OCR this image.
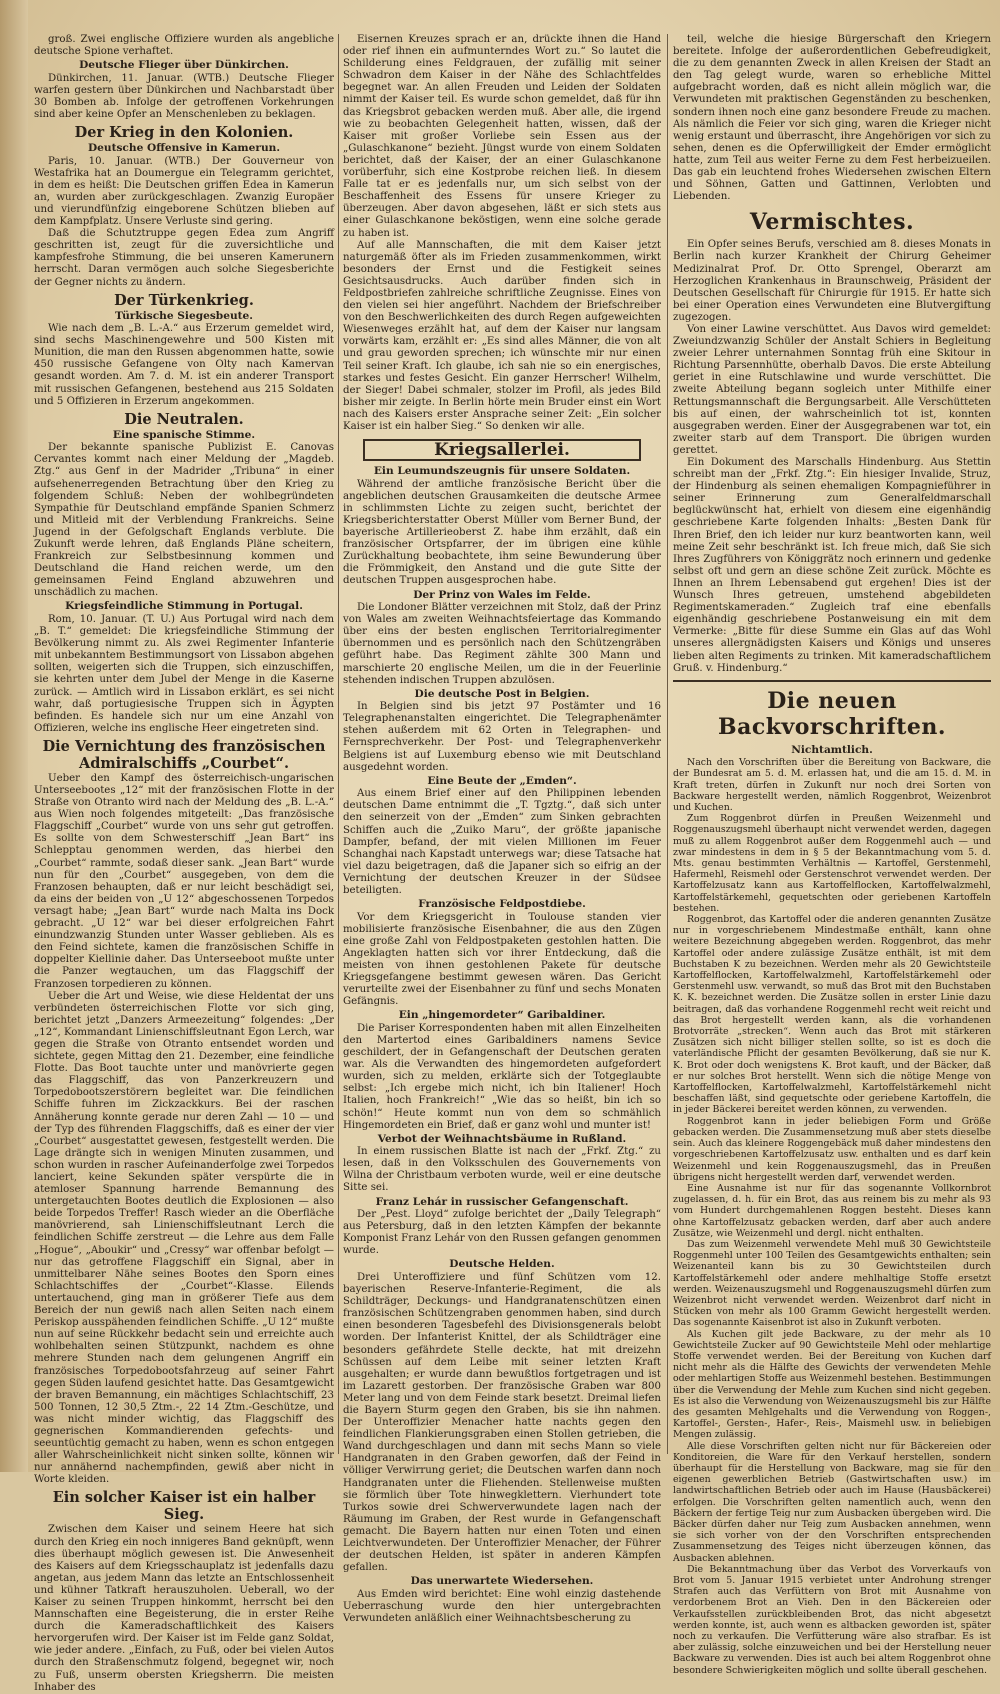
groß. Zwei englische Offiziere wurden als angebliche deutsche Spione verhaftet.

Deutsche Flieger über Dünkirchen.

Dünkirchen, 11. Januar. (WTB.) Deutsche Flieger warfen gestern über Dünkirchen und Nachbarstadt über 30 Bomben ab. Infolge der getroffenen Vorkehrungen sind aber keine Opfer an Menschenleben zu beklagen.

Der Krieg in den Kolonien.
Deutsche Offensive in Kamerun.

Paris, 10. Januar. (WTB.) Der Gouverneur von Westafrika hat an Doumergue ein Telegramm gerichtet, in dem es heißt: Die Deutschen griffen Edea in Kamerun an, wurden aber zurückgeschlagen. Zwanzig Europäer und vierundfünfzig eingeborene Schützen blieben auf dem Kampfplatz. Unsere Verluste sind gering.

Daß die Schutztruppe gegen Edea zum Angriff geschritten ist, zeugt für die zuversichtliche und kampfesfrohe Stimmung, die bei unseren Kamerunern herrscht. Daran vermögen auch solche Siegesberichte der Gegner nichts zu ändern.

Der Türkenkrieg.
Türkische Siegesbeute.

Wie nach dem „B. L.-A.“ aus Erzerum gemeldet wird, sind sechs Maschinengewehre und 500 Kisten mit Munition, die man den Russen abgenommen hatte, sowie 450 russische Gefangene von Olty nach Kamervan gesandt worden. Am 7. d. M. ist ein anderer Transport mit russischen Gefangenen, bestehend aus 215 Soldaten und 5 Offizieren in Erzerum angekommen.

Die Neutralen.
Eine spanische Stimme.

Der bekannte spanische Publizist E. Canovas Cervantes kommt nach einer Meldung der „Magdeb. Ztg.“ aus Genf in der Madrider „Tribuna“ in einer aufsehenerregenden Betrachtung über den Krieg zu folgendem Schluß: Neben der wohlbegründeten Sympathie für Deutschland empfände Spanien Schmerz und Mitleid mit der Verblendung Frankreichs. Seine Jugend in der Gefolgschaft Englands verblute. Die Zukunft werde lehren, daß Englands Pläne scheitern, Frankreich zur Selbstbesinnung kommen und Deutschland die Hand reichen werde, um den gemeinsamen Feind England abzuwehren und unschädlich zu machen.

Kriegsfeindliche Stimmung in Portugal.

Rom, 10. Januar. (T. U.) Aus Portugal wird nach dem „B. T.“ gemeldet: Die kriegsfeindliche Stimmung der Bevölkerung nimmt zu. Als zwei Regimenter Infanterie mit unbekanntem Bestimmungsort von Lissabon abgehen sollten, weigerten sich die Truppen, sich einzuschiffen, sie kehrten unter dem Jubel der Menge in die Kaserne zurück. — Amtlich wird in Lissabon erklärt, es sei nicht wahr, daß portugiesische Truppen sich in Ägypten befinden. Es handele sich nur um eine Anzahl von Offizieren, welche ins englische Heer eingetreten sind.

Die Vernichtung des französischen Admiralschiffs „Courbet“.

Ueber den Kampf des österreichisch-ungarischen Unterseebootes „12“ mit der französischen Flotte in der Straße von Otranto wird nach der Meldung des „B. L.-A.“ aus Wien noch folgendes mitgeteilt: „Das französische Flaggschiff „Courbet“ wurde von uns sehr gut getroffen. Es sollte von dem Schwesterschiff „Jean Bart“ ins Schlepptau genommen werden, das hierbei den „Courbet“ rammte, sodaß dieser sank. „Jean Bart“ wurde nun für den „Courbet“ ausgegeben, von dem die Franzosen behaupten, daß er nur leicht beschädigt sei, da eins der beiden von „U 12“ abgeschossenen Torpedos versagt habe; „Jean Bart“ wurde nach Malta ins Dock gebracht. „U 12“ war bei dieser erfolgreichen Fahrt einundzwanzig Stunden unter Wasser geblieben. Als es den Feind sichtete, kamen die französischen Schiffe in doppelter Kiellinie daher. Das Unterseeboot mußte unter die Panzer wegtauchen, um das Flaggschiff der Franzosen torpedieren zu können.

Ueber die Art und Weise, wie diese Heldentat der uns verbündeten österreichischen Flotte vor sich ging, berichtet jetzt „Danzers Armeezeitung“ folgendes: „Der „12“, Kommandant Linienschiffsleutnant Egon Lerch, war gegen die Straße von Otranto entsendet worden und sichtete, gegen Mittag den 21. Dezember, eine feindliche Flotte. Das Boot tauchte unter und manövrierte gegen das Flaggschiff, das von Panzerkreuzern und Torpedobootszerstörern begleitet war. Die feindlichen Schiffe fuhren im Zickzackkurs. Bei der raschen Annäherung konnte gerade nur deren Zahl — 10 — und der Typ des führenden Flaggschiffs, daß es einer der vier „Courbet“ ausgestattet gewesen, festgestellt werden. Die Lage drängte sich in wenigen Minuten zusammen, und schon wurden in rascher Aufeinanderfolge zwei Torpedos lanciert, keine Sekunden später verspürte die in atemloser Spannung harrende Bemannung des untergetauchten Bootes deutlich die Explosionen — also beide Torpedos Treffer! Rasch wieder an die Oberfläche manövrierend, sah Linienschiffsleutnant Lerch die feindlichen Schiffe zerstreut — die Lehre aus dem Falle „Hogue“, „Aboukir“ und „Cressy“ war offenbar befolgt — nur das getroffene Flaggschiff ein Signal, aber in unmittelbarer Nähe seines Bootes den Sporn eines Schlachtschiffes der „Courbet“-Klasse. Eilends untertauchend, ging man in größerer Tiefe aus dem Bereich der nun gewiß nach allen Seiten nach einem Periskop ausspähenden feindlichen Schiffe. „U 12“ mußte nun auf seine Rückkehr bedacht sein und erreichte auch wohlbehalten seinen Stützpunkt, nachdem es ohne mehrere Stunden nach dem gelungenen Angriff ein französisches Torpedobootsfahrzeug auf seiner Fahrt gegen Süden laufend gesichtet hatte. Das Gesamtgewicht der braven Bemannung, ein mächtiges Schlachtschiff, 23 500 Tonnen, 12 30,5 Ztm.-, 22 14 Ztm.-Geschütze, und was nicht minder wichtig, das Flaggschiff des gegnerischen Kommandierenden gefechts- und seeuntüchtig gemacht zu haben, wenn es schon entgegen aller Wahrscheinlichkeit nicht sinken sollte, können wir nur annähernd nachempfinden, gewiß aber nicht in Worte kleiden.

Ein solcher Kaiser ist ein halber Sieg.

Zwischen dem Kaiser und seinem Heere hat sich durch den Krieg ein noch innigeres Band geknüpft, wenn dies überhaupt möglich gewesen ist. Die Anwesenheit des Kaisers auf dem Kriegsschauplatz ist jedenfalls dazu angetan, aus jedem Mann das letzte an Entschlossenheit und kühner Tatkraft herauszuholen. Ueberall, wo der Kaiser zu seinen Truppen hinkommt, herrscht bei den Mannschaften eine Begeisterung, die in erster Reihe durch die Kameradschaftlichkeit des Kaisers hervorgerufen wird. Der Kaiser ist im Felde ganz Soldat, wie jeder andere. „Einfach, zu Fuß, oder bei vielen Autos durch den Straßenschmutz folgend, begegnet wir, noch zu Fuß, unserm obersten Kriegsherrn. Die meisten Inhaber des

Eisernen Kreuzes sprach er an, drückte ihnen die Hand oder rief ihnen ein aufmunterndes Wort zu.“ So lautet die Schilderung eines Feldgrauen, der zufällig mit seiner Schwadron dem Kaiser in der Nähe des Schlachtfeldes begegnet war. An allen Freuden und Leiden der Soldaten nimmt der Kaiser teil. Es wurde schon gemeldet, daß für ihn das Kriegsbrot gebacken werden muß. Aber alle, die irgend wie zu beobachten Gelegenheit hatten, wissen, daß der Kaiser mit großer Vorliebe sein Essen aus der „Gulaschkanone“ bezieht. Jüngst wurde von einem Soldaten berichtet, daß der Kaiser, der an einer Gulaschkanone vorüberfuhr, sich eine Kostprobe reichen ließ. In diesem Falle tat er es jedenfalls nur, um sich selbst von der Beschaffenheit des Essens für unsere Krieger zu überzeugen. Aber davon abgesehen, läßt er sich stets aus einer Gulaschkanone beköstigen, wenn eine solche gerade zu haben ist.

Auf alle Mannschaften, die mit dem Kaiser jetzt naturgemäß öfter als im Frieden zusammenkommen, wirkt besonders der Ernst und die Festigkeit seines Gesichtsausdrucks. Auch darüber finden sich in Feldpostbriefen zahlreiche schriftliche Zeugnisse. Eines von den vielen sei hier angeführt. Nachdem der Briefschreiber von den Beschwerlichkeiten des durch Regen aufgeweichten Wiesenweges erzählt hat, auf dem der Kaiser nur langsam vorwärts kam, erzählt er: „Es sind alles Männer, die von alt und grau geworden sprechen; ich wünschte mir nur einen Teil seiner Kraft. Ich glaube, ich sah nie so ein energisches, starkes und festes Gesicht. Ein ganzer Herrscher! Wilhelm, der Sieger! Dabei schmaler, stolzer im Profil, als jedes Bild bisher mir zeigte. In Berlin hörte mein Bruder einst ein Wort nach des Kaisers erster Ansprache seiner Zeit: „Ein solcher Kaiser ist ein halber Sieg.“ So denken wir alle.

Kriegsallerlei.
Ein Leumundszeugnis für unsere Soldaten.

Während der amtliche französische Bericht über die angeblichen deutschen Grausamkeiten die deutsche Armee in schlimmsten Lichte zu zeigen sucht, berichtet der Kriegsberichterstatter Oberst Müller vom Berner Bund, der bayerische Artillerieoberst Z. habe ihm erzählt, daß ein französischer Ortspfarrer, der im übrigen eine kühle Zurückhaltung beobachtete, ihm seine Bewunderung über die Frömmigkeit, den Anstand und die gute Sitte der deutschen Truppen ausgesprochen habe.

Der Prinz von Wales im Felde.

Die Londoner Blätter verzeichnen mit Stolz, daß der Prinz von Wales am zweiten Weihnachtsfeiertage das Kommando über eins der besten englischen Territorialregimenter übernommen und es persönlich nach den Schützengräben geführt habe. Das Regiment zählte 300 Mann und marschierte 20 englische Meilen, um die in der Feuerlinie stehenden indischen Truppen abzulösen.

Die deutsche Post in Belgien.

In Belgien sind bis jetzt 97 Postämter und 16 Telegraphenanstalten eingerichtet. Die Telegraphenämter stehen außerdem mit 62 Orten in Telegraphen- und Fernsprechverkehr. Der Post- und Telegraphenverkehr Belgiens ist auf Luxemburg ebenso wie mit Deutschland ausgedehnt worden.

Eine Beute der „Emden“.

Aus einem Brief einer auf den Philippinen lebenden deutschen Dame entnimmt die „T. Tgztg.“, daß sich unter den seinerzeit von der „Emden“ zum Sinken gebrachten Schiffen auch die „Zuiko Maru“, der größte japanische Dampfer, befand, der mit vielen Millionen im Feuer Schanghai nach Kapstadt unterwegs war; diese Tatsache hat viel dazu beigetragen, daß die Japaner sich so eifrig an der Vernichtung der deutschen Kreuzer in der Südsee beteiligten.

Französische Feldpostdiebe.

Vor dem Kriegsgericht in Toulouse standen vier mobilisierte französische Eisenbahner, die aus den Zügen eine große Zahl von Feldpostpaketen gestohlen hatten. Die Angeklagten hatten sich vor ihrer Entdeckung, daß die meisten von ihnen gestohlenen Pakete für deutsche Kriegsgefangene bestimmt gewesen wären. Das Gericht verurteilte zwei der Eisenbahner zu fünf und sechs Monaten Gefängnis.

Ein „hingemordeter“ Garibaldiner.

Die Pariser Korrespondenten haben mit allen Einzelheiten den Martertod eines Garibaldiners namens Sevice geschildert, der in Gefangenschaft der Deutschen geraten war. Als die Verwandten des hingemordeten aufgefordert wurden, sich zu melden, erklärte sich der Totgeglaubte selbst: „Ich ergebe mich nicht, ich bin Italiener! Hoch Italien, hoch Frankreich!“ „Wie das so heißt, bin ich so schön!“ Heute kommt nun von dem so schmählich Hingemordeten ein Brief, daß er ganz wohl und munter ist!

Verbot der Weihnachtsbäume in Rußland.

In einem russischen Blatte ist nach der „Frkf. Ztg.“ zu lesen, daß in den Volksschulen des Gouvernements von Wilna der Christbaum verboten wurde, weil er eine deutsche Sitte sei.

Franz Lehár in russischer Gefangenschaft.

Der „Pest. Lloyd“ zufolge berichtet der „Daily Telegraph“ aus Petersburg, daß in den letzten Kämpfen der bekannte Komponist Franz Lehár von den Russen gefangen genommen wurde.

Deutsche Helden.

Drei Unteroffiziere und fünf Schützen vom 12. bayerischen Reserve-Infanterie-Regiment, die als Schildträger, Deckungs- und Handgranatenschützen einen französischen Schützengraben genommen haben, sind durch einen besonderen Tagesbefehl des Divisionsgenerals belobt worden. Der Infanterist Knittel, der als Schildträger eine besonders gefährdete Stelle deckte, hat mit dreizehn Schüssen auf dem Leibe mit seiner letzten Kraft ausgehalten; er wurde dann bewußtlos fortgetragen und ist im Lazarett gestorben. Der französische Graben war 800 Meter lang und von dem Feinde stark besetzt. Dreimal liefen die Bayern Sturm gegen den Graben, bis sie ihn nahmen. Der Unteroffizier Menacher hatte nachts gegen den feindlichen Flankierungsgraben einen Stollen getrieben, die Wand durchgeschlagen und dann mit sechs Mann so viele Handgranaten in den Graben geworfen, daß der Feind in völliger Verwirrung geriet; die Deutschen warfen dann noch Handgranaten unter die Fliehenden. Stellenweise mußten sie förmlich über Tote hinwegklettern. Vierhundert tote Turkos sowie drei Schwerverwundete lagen nach der Räumung im Graben, der Rest wurde in Gefangenschaft gemacht. Die Bayern hatten nur einen Toten und einen Leichtverwundeten. Der Unteroffizier Menacher, der Führer der deutschen Helden, ist später in anderen Kämpfen gefallen.

Das unerwartete Wiedersehen.

Aus Emden wird berichtet: Eine wohl einzig dastehende Ueberraschung wurde den hier untergebrachten Verwundeten anläßlich einer Weihnachtsbescherung zu

teil, welche die hiesige Bürgerschaft den Kriegern bereitete. Infolge der außerordentlichen Gebefreudigkeit, die zu dem genannten Zweck in allen Kreisen der Stadt an den Tag gelegt wurde, waren so erhebliche Mittel aufgebracht worden, daß es nicht allein möglich war, die Verwundeten mit praktischen Gegenständen zu beschenken, sondern ihnen noch eine ganz besondere Freude zu machen. Als nämlich die Feier vor sich ging, waren die Krieger nicht wenig erstaunt und überrascht, ihre Angehörigen vor sich zu sehen, denen es die Opferwilligkeit der Emder ermöglicht hatte, zum Teil aus weiter Ferne zu dem Fest herbeizueilen. Das gab ein leuchtend frohes Wiedersehen zwischen Eltern und Söhnen, Gatten und Gattinnen, Verlobten und Liebenden.

Vermischtes.

Ein Opfer seines Berufs, verschied am 8. dieses Monats in Berlin nach kurzer Krankheit der Chirurg Geheimer Medizinalrat Prof. Dr. Otto Sprengel, Oberarzt am Herzoglichen Krankenhaus in Braunschweig, Präsident der Deutschen Gesellschaft für Chirurgie für 1915. Er hatte sich bei einer Operation eines Verwundeten eine Blutvergiftung zugezogen.

Von einer Lawine verschüttet. Aus Davos wird gemeldet: Zweiundzwanzig Schüler der Anstalt Schiers in Begleitung zweier Lehrer unternahmen Sonntag früh eine Skitour in Richtung Parsennhütte, oberhalb Davos. Die erste Abteilung geriet in eine Rutschlawine und wurde verschüttet. Die zweite Abteilung begann sogleich unter Mithilfe einer Rettungsmannschaft die Bergungsarbeit. Alle Verschütteten bis auf einen, der wahrscheinlich tot ist, konnten ausgegraben werden. Einer der Ausgegrabenen war tot, ein zweiter starb auf dem Transport. Die übrigen wurden gerettet.

Ein Dokument des Marschalls Hindenburg. Aus Stettin schreibt man der „Frkf. Ztg.“: Ein hiesiger Invalide, Struz, der Hindenburg als seinen ehemaligen Kompagnieführer in seiner Erinnerung zum Generalfeldmarschall beglückwünscht hat, erhielt von diesem eine eigenhändig geschriebene Karte folgenden Inhalts: „Besten Dank für Ihren Brief, den ich leider nur kurz beantworten kann, weil meine Zeit sehr beschränkt ist. Ich freue mich, daß Sie sich Ihres Zugführers von Königgrätz noch erinnern und gedenke selbst oft und gern an diese schöne Zeit zurück. Möchte es Ihnen an Ihrem Lebensabend gut ergehen! Dies ist der Wunsch Ihres getreuen, umstehend abgebildeten Regimentskameraden.“ Zugleich traf eine ebenfalls eigenhändig geschriebene Postanweisung ein mit dem Vermerke: „Bitte für diese Summe ein Glas auf das Wohl unseres allergnädigsten Kaisers und Königs und unseres lieben alten Regiments zu trinken. Mit kameradschaftlichem Gruß. v. Hindenburg.“

Die neuen Backvorschriften.
Nichtamtlich.

Nach den Vorschriften über die Bereitung von Backware, die der Bundesrat am 5. d. M. erlassen hat, und die am 15. d. M. in Kraft treten, dürfen in Zukunft nur noch drei Sorten von Backware hergestellt werden, nämlich Roggenbrot, Weizenbrot und Kuchen.

Zum Roggenbrot dürfen in Preußen Weizenmehl und Roggenauszugsmehl überhaupt nicht verwendet werden, dagegen muß zu allem Roggenbrot außer dem Roggenmehl auch — und zwar mindestens in dem in § 5 der Bekanntmachung vom 5. d. Mts. genau bestimmten Verhältnis — Kartoffel, Gerstenmehl, Hafermehl, Reismehl oder Gerstenschrot verwendet werden. Der Kartoffelzusatz kann aus Kartoffelflocken, Kartoffelwalzmehl, Kartoffelstärkemehl, gequetschten oder geriebenen Kartoffeln bestehen.

Roggenbrot, das Kartoffel oder die anderen genannten Zusätze nur in vorgeschriebenem Mindestmaße enthält, kann ohne weitere Bezeichnung abgegeben werden. Roggenbrot, das mehr Kartoffel oder andere zulässige Zusätze enthält, ist mit dem Buchstaben K zu bezeichnen. Werden mehr als 20 Gewichtsteile Kartoffelflocken, Kartoffelwalzmehl, Kartoffelstärkemehl oder Gerstenmehl usw. verwandt, so muß das Brot mit den Buchstaben K. K. bezeichnet werden. Die Zusätze sollen in erster Linie dazu beitragen, daß das vorhandene Roggenmehl recht weit reicht und das Brot hergestellt werden kann, als die vorhandenen Brotvorräte „strecken“. Wenn auch das Brot mit stärkeren Zusätzen sich nicht billiger stellen sollte, so ist es doch die vaterländische Pflicht der gesamten Bevölkerung, daß sie nur K. K. Brot oder doch wenigstens K. Brot kauft, und der Bäcker, daß er nur solches Brot herstellt. Wenn sich die nötige Menge von Kartoffelflocken, Kartoffelwalzmehl, Kartoffelstärkemehl nicht beschaffen läßt, sind gequetschte oder geriebene Kartoffeln, die in jeder Bäckerei bereitet werden können, zu verwenden.

Roggenbrot kann in jeder beliebigen Form und Größe gebacken werden. Die Zusammensetzung muß aber stets dieselbe sein. Auch das kleinere Roggengebäck muß daher mindestens den vorgeschriebenen Kartoffelzusatz usw. enthalten und es darf kein Weizenmehl und kein Roggenauszugsmehl, das in Preußen übrigens nicht hergestellt werden darf, verwendet werden.

Eine Ausnahme ist nur für das sogenannte Vollkornbrot zugelassen, d. h. für ein Brot, das aus reinem bis zu mehr als 93 vom Hundert durchgemahlenen Roggen besteht. Dieses kann ohne Kartoffelzusatz gebacken werden, darf aber auch andere Zusätze, wie Weizenmehl und dergl. nicht enthalten.

Das zum Weizenmehl verwendete Mehl muß 30 Gewichtsteile Roggenmehl unter 100 Teilen des Gesamtgewichts enthalten; sein Weizenanteil kann bis zu 30 Gewichtsteilen durch Kartoffelstärkemehl oder andere mehlhaltige Stoffe ersetzt werden. Weizenauszugsmehl und Roggenauszugsmehl dürfen zum Weizenbrot nicht verwendet werden. Weizenbrot darf nicht in Stücken von mehr als 100 Gramm Gewicht hergestellt werden. Das sogenannte Kaisenbrot ist also in Zukunft verboten.

Als Kuchen gilt jede Backware, zu der mehr als 10 Gewichtsteile Zucker auf 90 Gewichtsteile Mehl oder mehlartige Stoffe verwendet werden. Bei der Bereitung von Kuchen darf nicht mehr als die Hälfte des Gewichts der verwendeten Mehle oder mehlartigen Stoffe aus Weizenmehl bestehen. Bestimmungen über die Verwendung der Mehle zum Kuchen sind nicht gegeben. Es ist also die Verwendung von Weizenauszugsmehl bis zur Hälfte des gesamten Mehlgehalts und die Verwendung von Roggen-, Kartoffel-, Gersten-, Hafer-, Reis-, Maismehl usw. in beliebigen Mengen zulässig.

Alle diese Vorschriften gelten nicht nur für Bäckereien oder Konditoreien, die Ware für den Verkauf herstellen, sondern überhaupt für die Herstellung von Backware, mag sie für den eigenen gewerblichen Betrieb (Gastwirtschaften usw.) im landwirtschaftlichen Betrieb oder auch im Hause (Hausbäckerei) erfolgen. Die Vorschriften gelten namentlich auch, wenn den Bäckern der fertige Teig nur zum Ausbacken übergeben wird. Die Bäcker dürfen daher nur Teig zum Ausbacken annehmen, wenn sie sich vorher von der den Vorschriften entsprechenden Zusammensetzung des Teiges nicht überzeugen können, das Ausbacken ablehnen.

Die Bekanntmachung über das Verbot des Vorverkaufs von Brot vom 5. Januar 1915 verbietet unter Androhung strenger Strafen auch das Verfüttern von Brot mit Ausnahme von verdorbenem Brot an Vieh. Den in den Bäckereien oder Verkaufsstellen zurückbleibenden Brot, das nicht abgesetzt werden konnte, ist, auch wenn es altbacken geworden ist, später noch zu verkaufen. Die Verfütterung wäre also strafbar. Es ist aber zulässig, solche einzuweichen und bei der Herstellung neuer Backware zu verwenden. Dies ist auch bei altem Roggenbrot ohne besondere Schwierigkeiten möglich und sollte überall geschehen.
